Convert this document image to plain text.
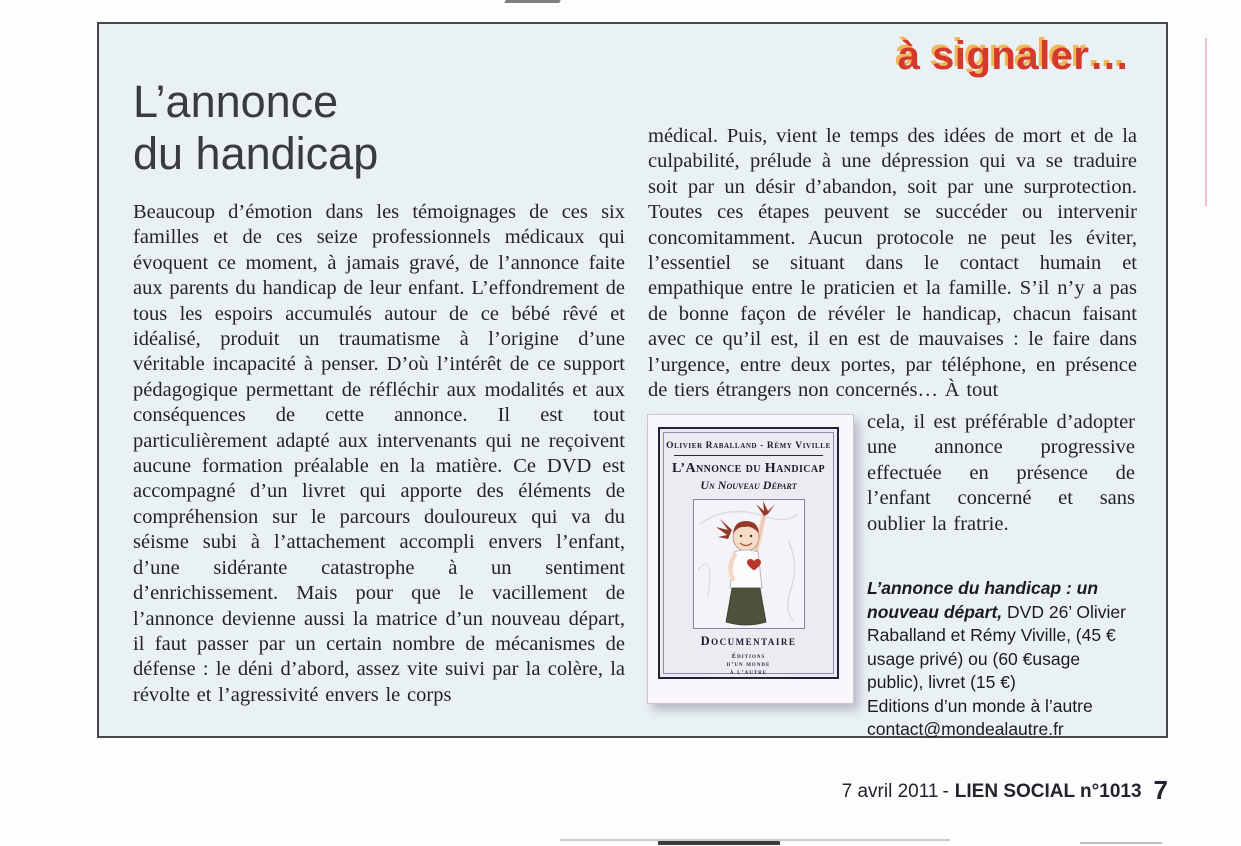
à signaler…
L’annonce
du handicap
Beaucoup d’émotion dans les témoignages de ces six familles et de ces seize professionnels médicaux qui évoquent ce moment, à jamais gravé, de l’annonce faite aux parents du handicap de leur enfant. L’effondrement de tous les espoirs accumulés autour de ce bébé rêvé et idéalisé, produit un traumatisme à l’origine d’une véritable incapacité à penser. D’où l’intérêt de ce support pédagogique permettant de réfléchir aux modalités et aux conséquences de cette annonce. Il est tout particulièrement adapté aux intervenants qui ne reçoivent aucune formation préalable en la matière. Ce DVD est accompagné d’un livret qui apporte des éléments de compréhension sur le parcours douloureux qui va du séisme subi à l’attachement accompli envers l’enfant, d’une sidérante catastrophe à un sentiment d’enrichissement. Mais pour que le vacillement de l’annonce devienne aussi la matrice d’un nouveau départ, il faut passer par un certain nombre de mécanismes de défense : le déni d’abord, assez vite suivi par la colère, la révolte et l’agressivité envers le corps
médical. Puis, vient le temps des idées de mort et de la culpabilité, prélude à une dépression qui va se traduire soit par un désir d’abandon, soit par une surprotection. Toutes ces étapes peuvent se succéder ou intervenir concomitamment. Aucun protocole ne peut les éviter, l’essentiel se situant dans le contact humain et empathique entre le praticien et la famille. S’il n’y a pas de bonne façon de révéler le handicap, chacun faisant avec ce qu’il est, il en est de mauvaises : le faire dans l’urgence, entre deux portes, par téléphone, en présence de tiers étrangers non concernés… À tout
Olivier Raballand - Rémy Viville
L’Annonce du Handicap
Un Nouveau Départ
Documentaire
Éditions
d’un monde
à l’autre
cela, il est préférable d’adopter une annonce progressive effectuée en présence de l’enfant concerné et sans oublier la fratrie.
L’annonce du handicap : un nouveau départ, DVD 26’ Olivier Raballand et Rémy Viville, (45 € usage privé) ou (60 €usage public), livret (15 €)
Editions d’un monde à l’autre
contact@mondealautre.fr
7 avril 2011 - LIEN SOCIAL n°1013 7
